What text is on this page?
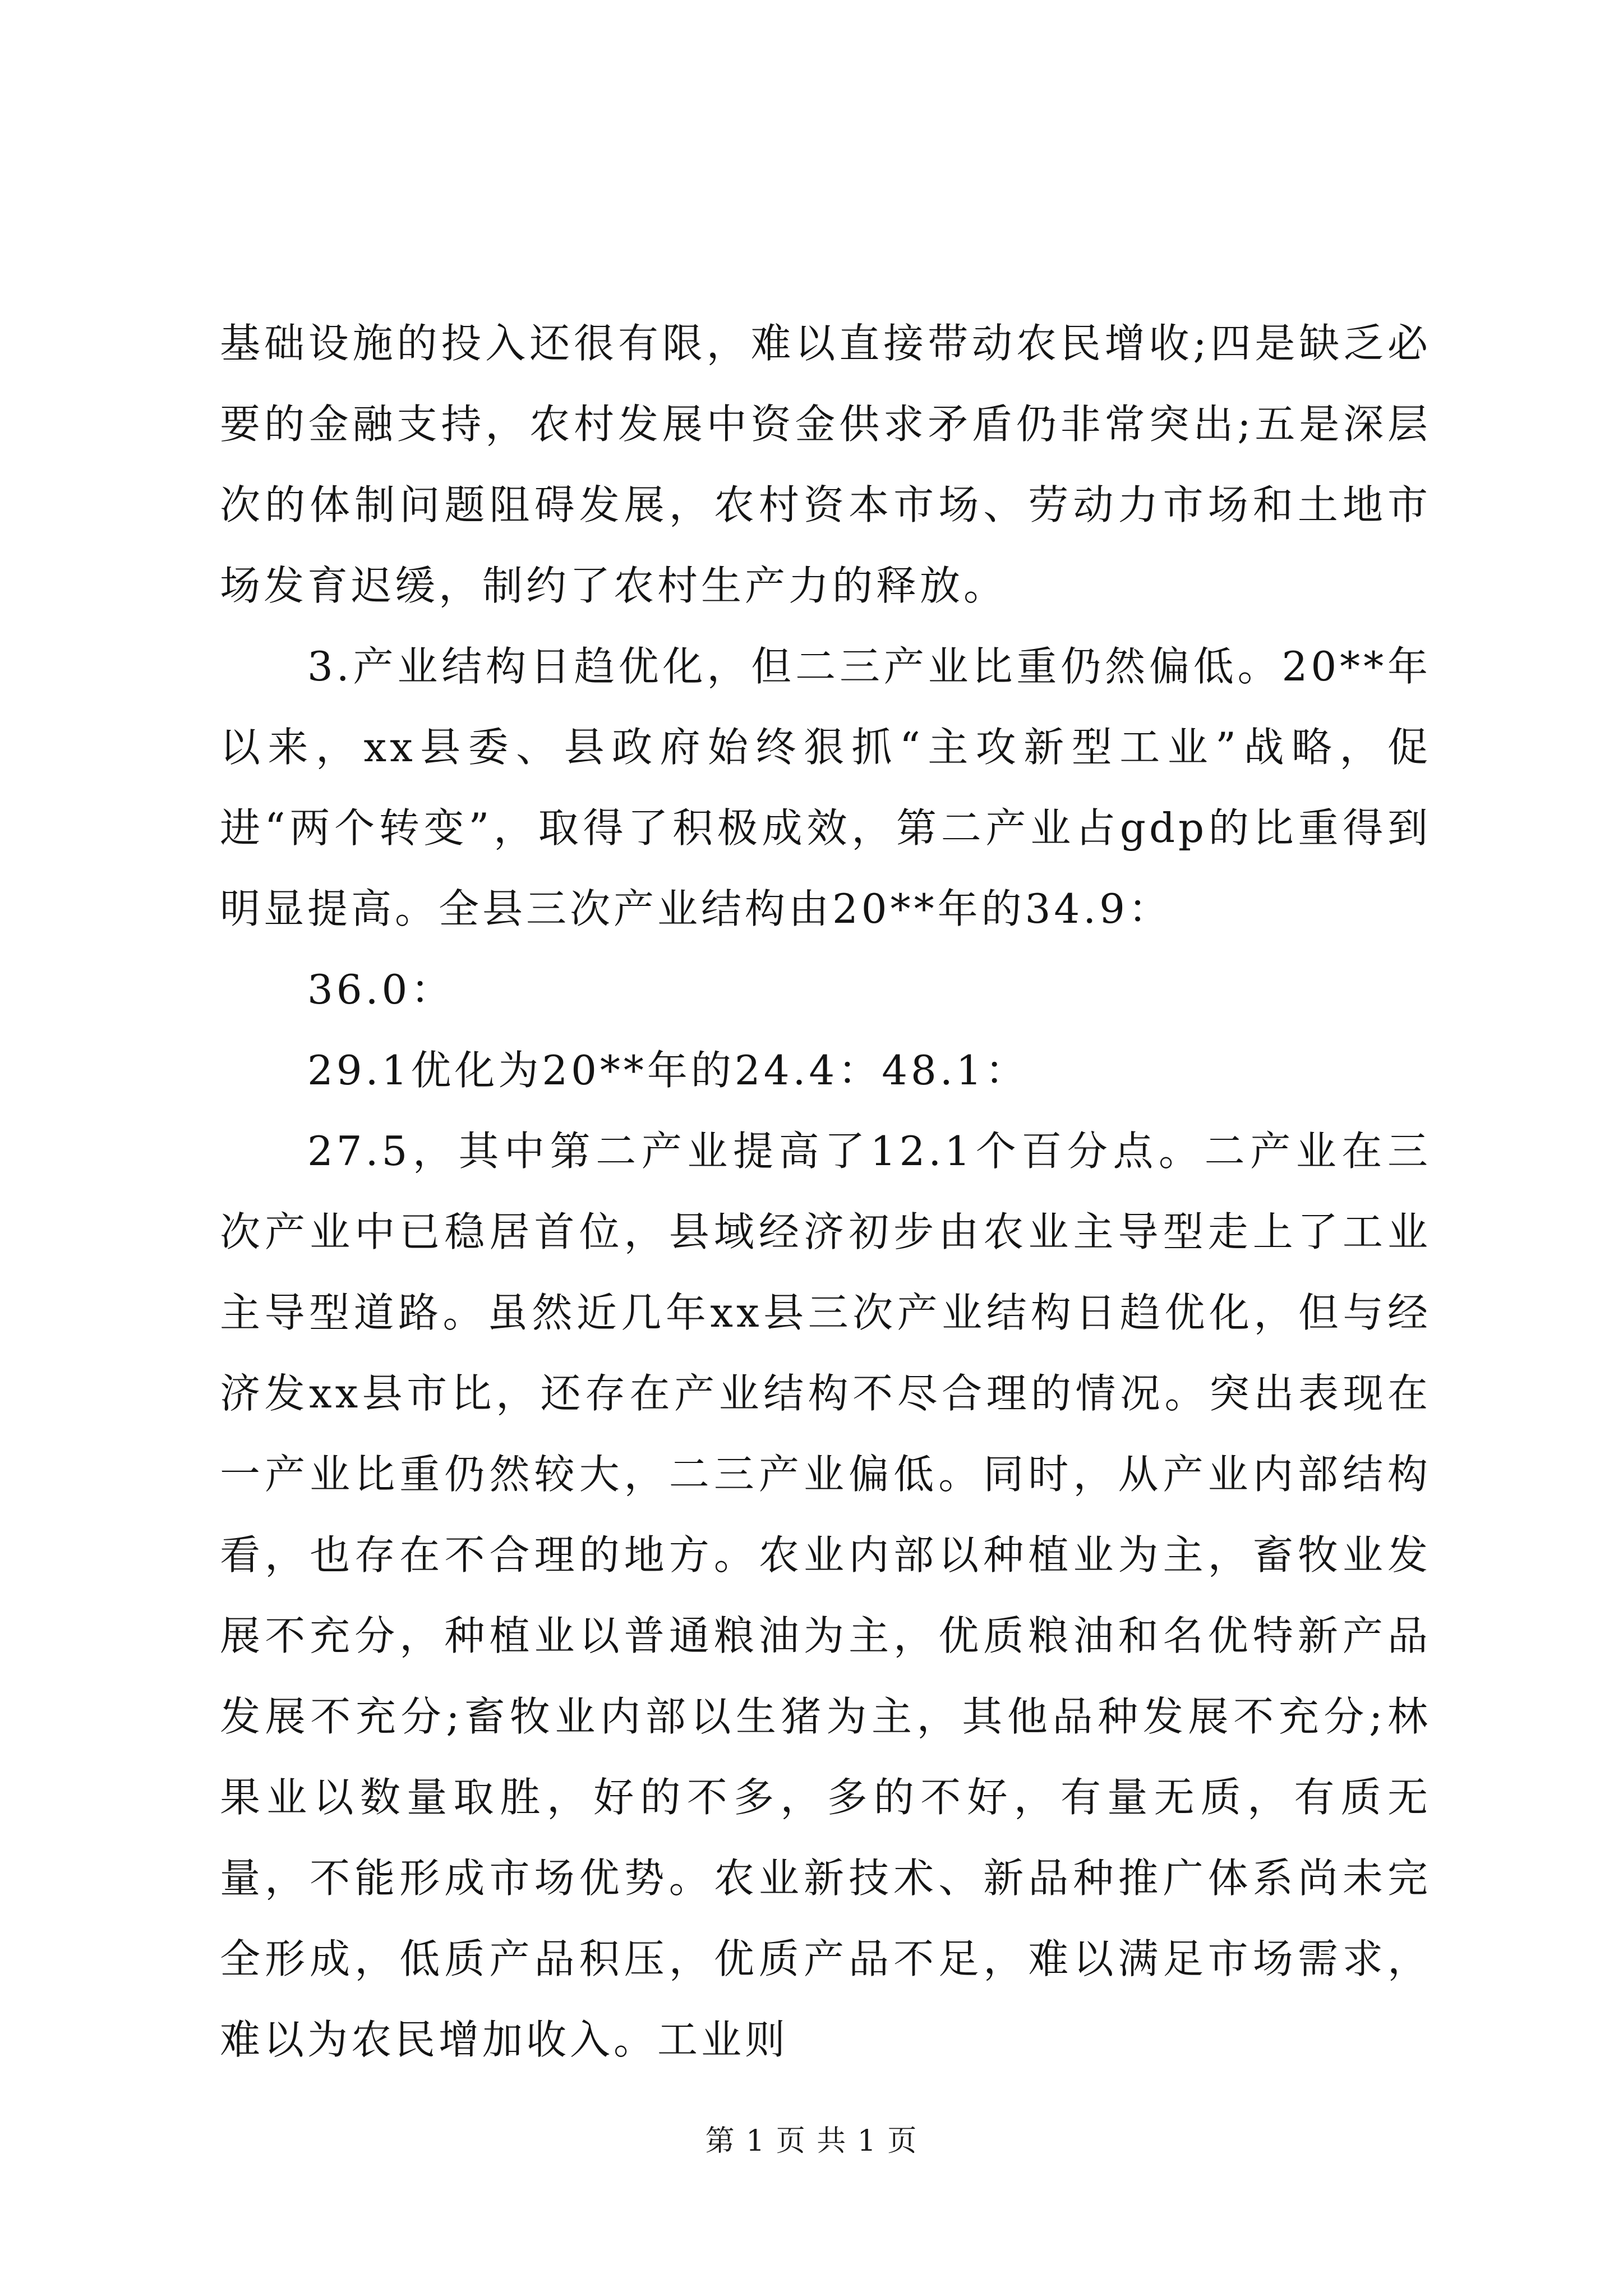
基础设施的投入还很有限，难以直接带动农民增收;四是缺乏必要的金融支持，农村发展中资金供求矛盾仍非常突出;五是深层次的体制问题阻碍发展，农村资本市场、劳动力市场和土地市场发育迟缓，制约了农村生产力的释放。

3.产业结构日趋优化，但二三产业比重仍然偏低。20**年以来，xx县委、县政府始终狠抓“主攻新型工业”战略，促进“两个转变”，取得了积极成效，第二产业占gdp的比重得到明显提高。全县三次产业结构由20**年的34.9：

36.0：

29.1优化为20**年的24.4：48.1：

27.5，其中第二产业提高了12.1个百分点。二产业在三次产业中已稳居首位，县域经济初步由农业主导型走上了工业主导型道路。虽然近几年xx县三次产业结构日趋优化，但与经济发xx县市比，还存在产业结构不尽合理的情况。突出表现在一产业比重仍然较大，二三产业偏低。同时，从产业内部结构看，也存在不合理的地方。农业内部以种植业为主，畜牧业发展不充分，种植业以普通粮油为主，优质粮油和名优特新产品发展不充分;畜牧业内部以生猪为主，其他品种发展不充分;林果业以数量取胜，好的不多，多的不好，有量无质，有质无量，不能形成市场优势。农业新技术、新品种推广体系尚未完全形成，低质产品积压，优质产品不足，难以满足市场需求，难以为农民增加收入。工业则

第 1 页 共 1 页
